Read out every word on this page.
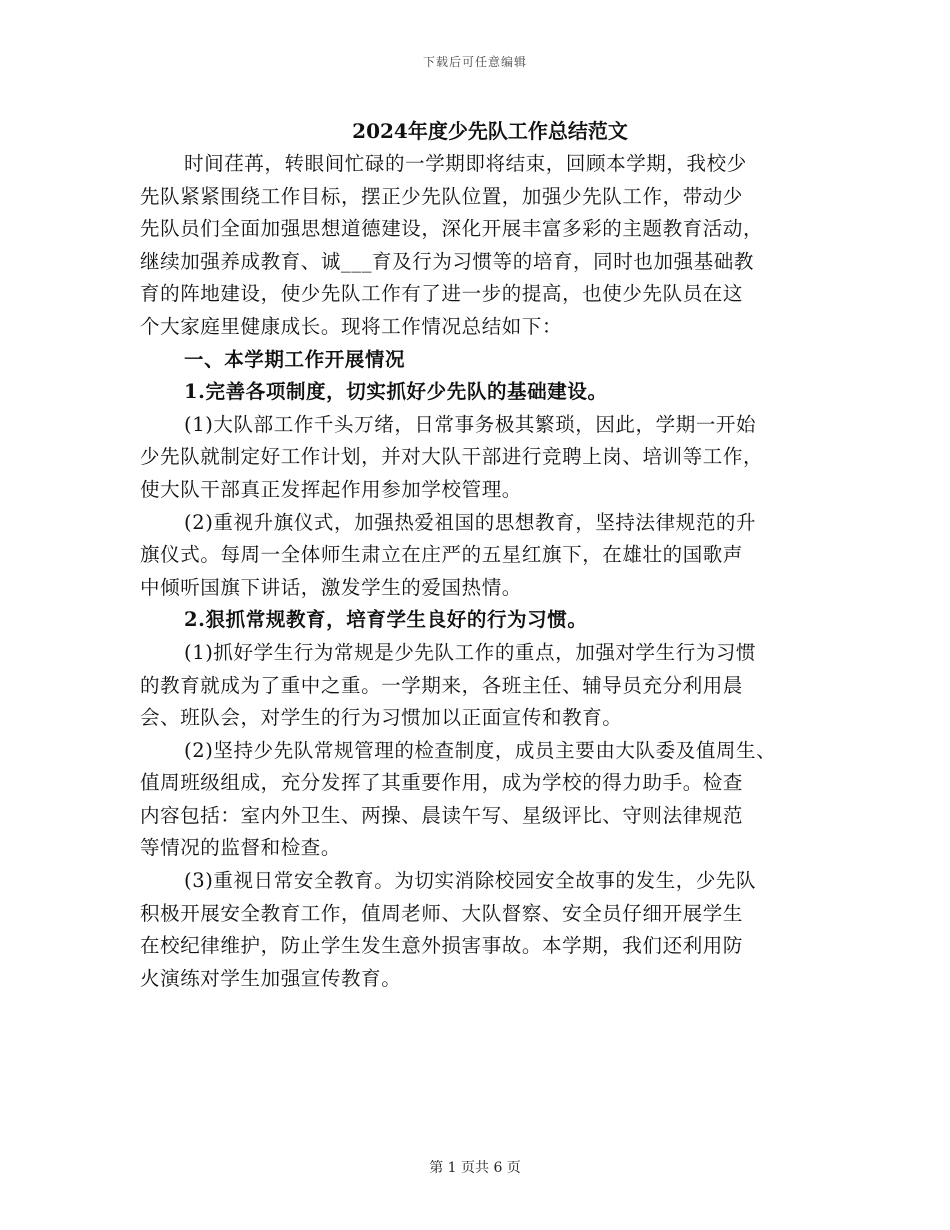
下载后可任意编辑
2024年度少先队工作总结范文

时间荏苒，转眼间忙碌的一学期即将结束，回顾本学期，我校少
先队紧紧围绕工作目标，摆正少先队位置，加强少先队工作，带动少
先队员们全面加强思想道德建设，深化开展丰富多彩的主题教育活动，
继续加强养成教育、诚___育及行为习惯等的培育，同时也加强基础教
育的阵地建设，使少先队工作有了进一步的提高，也使少先队员在这
个大家庭里健康成长。现将工作情况总结如下：

一、本学期工作开展情况

1.完善各项制度，切实抓好少先队的基础建设。

(1)大队部工作千头万绪，日常事务极其繁琐，因此，学期一开始
少先队就制定好工作计划，并对大队干部进行竞聘上岗、培训等工作，
使大队干部真正发挥起作用参加学校管理。

(2)重视升旗仪式，加强热爱祖国的思想教育，坚持法律规范的升
旗仪式。每周一全体师生肃立在庄严的五星红旗下，在雄壮的国歌声
中倾听国旗下讲话，激发学生的爱国热情。

2.狠抓常规教育，培育学生良好的行为习惯。

(1)抓好学生行为常规是少先队工作的重点，加强对学生行为习惯
的教育就成为了重中之重。一学期来，各班主任、辅导员充分利用晨
会、班队会，对学生的行为习惯加以正面宣传和教育。

(2)坚持少先队常规管理的检查制度，成员主要由大队委及值周生、
值周班级组成，充分发挥了其重要作用，成为学校的得力助手。检查
内容包括：室内外卫生、两操、晨读午写、星级评比、守则法律规范
等情况的监督和检查。

(3)重视日常安全教育。为切实消除校园安全故事的发生，少先队
积极开展安全教育工作，值周老师、大队督察、安全员仔细开展学生
在校纪律维护，防止学生发生意外损害事故。本学期，我们还利用防
火演练对学生加强宣传教育。

第 1 页共 6 页
